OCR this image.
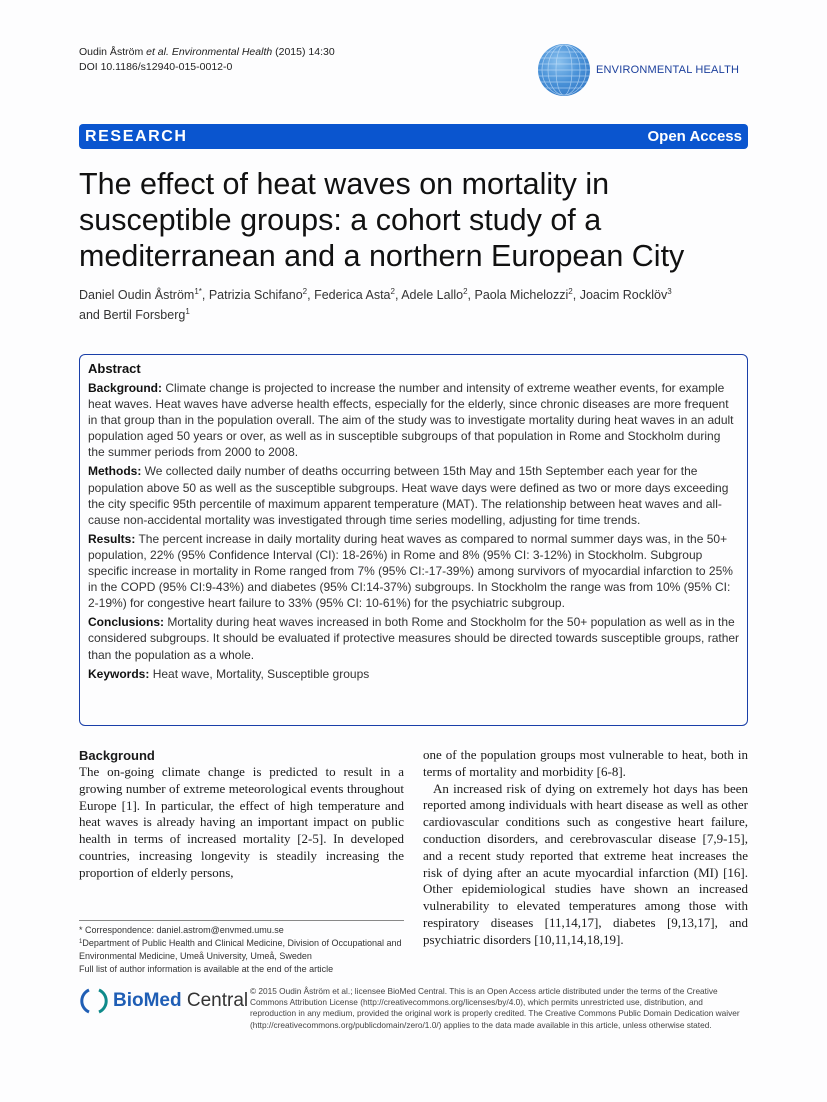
Oudin Åström et al. Environmental Health (2015) 14:30
DOI 10.1186/s12940-015-0012-0	ENVIRONMENTAL HEALTH
RESEARCH	Open Access
The effect of heat waves on mortality in susceptible groups: a cohort study of a mediterranean and a northern European City
Daniel Oudin Åström$^{1*}$, Patrizia Schifano$^2$, Federica Asta$^2$, Adele Lallo$^2$, Paola Michelozzi$^2$, Joacim Rocklöv$^3$
and Bertil Forsberg$^1$
Abstract

Background: Climate change is projected to increase the number and intensity of extreme weather events, for example heat waves. Heat waves have adverse health effects, especially for the elderly, since chronic diseases are more frequent in that group than in the population overall. The aim of the study was to investigate mortality during heat waves in an adult population aged 50 years or over, as well as in susceptible subgroups of that population in Rome and Stockholm during the summer periods from 2000 to 2008.

Methods: We collected daily number of deaths occurring between 15th May and 15th September each year for the population above 50 as well as the susceptible subgroups. Heat wave days were defined as two or more days exceeding the city specific 95th percentile of maximum apparent temperature (MAT). The relationship between heat waves and all-cause non-accidental mortality was investigated through time series modelling, adjusting for time trends.

Results: The percent increase in daily mortality during heat waves as compared to normal summer days was, in the 50+ population, 22% (95% Confidence Interval (CI): 18-26%) in Rome and 8% (95% CI: 3-12%) in Stockholm. Subgroup specific increase in mortality in Rome ranged from 7% (95% CI:-17-39%) among survivors of myocardial infarction to 25% in the COPD (95% CI:9-43%) and diabetes (95% CI:14-37%) subgroups. In Stockholm the range was from 10% (95% CI: 2-19%) for congestive heart failure to 33% (95% CI: 10-61%) for the psychiatric subgroup.

Conclusions: Mortality during heat waves increased in both Rome and Stockholm for the 50+ population as well as in the considered subgroups. It should be evaluated if protective measures should be directed towards susceptible groups, rather than the population as a whole.

Keywords: Heat wave, Mortality, Susceptible groups

Background

The on-going climate change is predicted to result in a growing number of extreme meteorological events throughout Europe [1]. In particular, the effect of high temperature and heat waves is already having an important impact on public health in terms of increased mortality [2-5]. In developed countries, increasing longevity is steadily increasing the proportion of elderly persons,

one of the population groups most vulnerable to heat, both in terms of mortality and morbidity [6-8].

An increased risk of dying on extremely hot days has been reported among individuals with heart disease as well as other cardiovascular conditions such as congestive heart failure, conduction disorders, and cerebrovascular disease [7,9-15], and a recent study reported that extreme heat increases the risk of dying after an acute myocardial infarction (MI) [16]. Other epidemiological studies have shown an increased vulnerability to elevated temperatures among those with respiratory diseases [11,14,17], diabetes [9,13,17], and psychiatric disorders [10,11,14,18,19].

* Correspondence: daniel.astrom@envmed.umu.se
$^1$Department of Public Health and Clinical Medicine, Division of Occupational and Environmental Medicine, Umeå University, Umeå, Sweden
Full list of author information is available at the end of the article
BioMed Central © 2015 Oudin Åström et al.; licensee BioMed Central. This is an Open Access article distributed under the terms of the Creative Commons Attribution License (http://creativecommons.org/licenses/by/4.0), which permits unrestricted use, distribution, and reproduction in any medium, provided the original work is properly credited. The Creative Commons Public Domain Dedication waiver (http://creativecommons.org/publicdomain/zero/1.0/) applies to the data made available in this article, unless otherwise stated.
